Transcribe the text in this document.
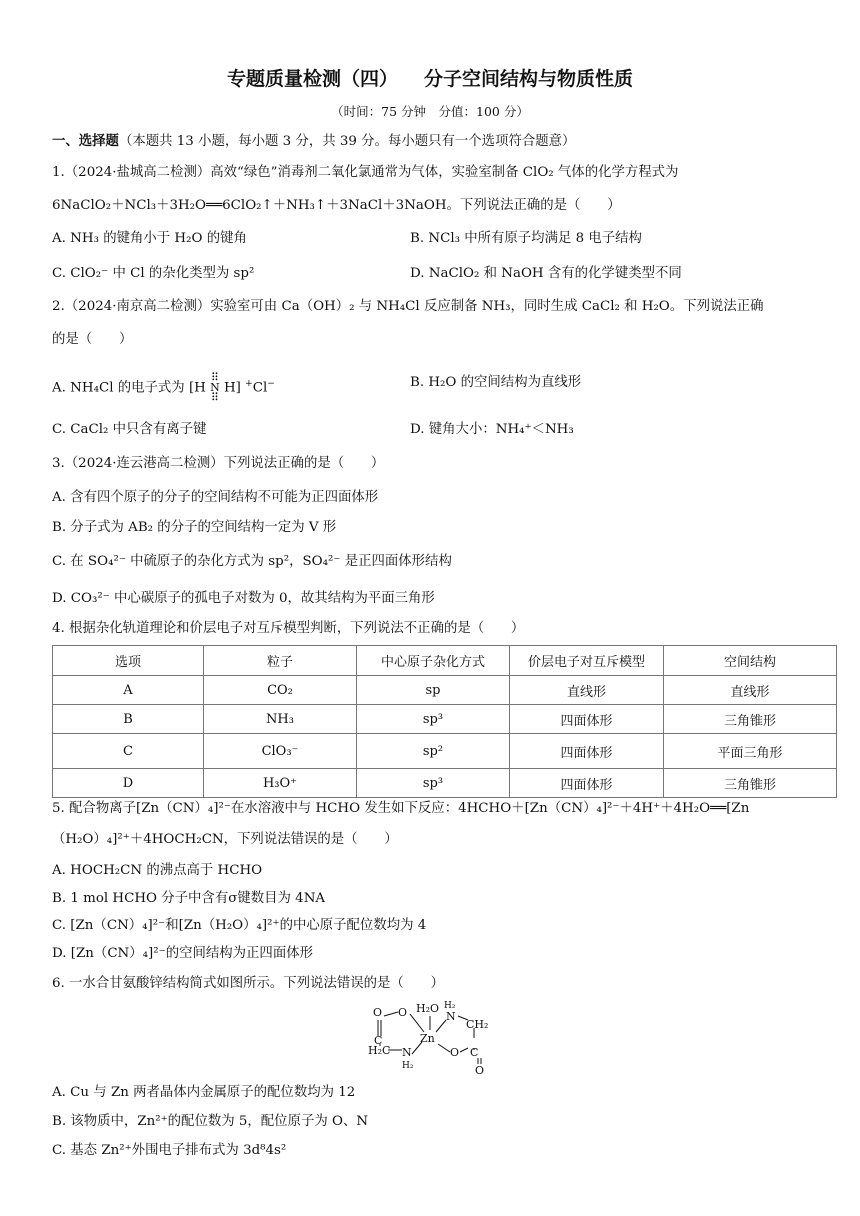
专题质量检测（四） 分子空间结构与物质性质
（时间：75 分钟　分值：100 分）
一、选择题（本题共 13 小题，每小题 3 分，共 39 分。每小题只有一个选项符合题意）
1.（2024·盐城高二检测）高效“绿色”消毒剂二氧化氯通常为气体，实验室制备 ClO₂ 气体的化学方程式为
6NaClO₂＋NCl₃＋3H₂O══6ClO₂↑＋NH₃↑＋3NaCl＋3NaOH。下列说法正确的是（　　）
A. NH₃ 的键角小于 H₂O 的键角	B. NCl₃ 中所有原子均满足 8 电子结构
C. ClO₂⁻ 中 Cl 的杂化类型为 sp²	D. NaClO₂ 和 NaOH 含有的化学键类型不同
2.（2024·南京高二检测）实验室可由 Ca（OH）₂ 与 NH₄Cl 反应制备 NH₃，同时生成 CaCl₂ 和 H₂O。下列说法正确
的是（　　）
A. NH₄Cl 的电子式为 [H ⠿
N
⠿ H] +Cl−	B. H₂O 的空间结构为直线形
C. CaCl₂ 中只含有离子键	D. 键角大小：NH₄⁺＜NH₃
3.（2024·连云港高二检测）下列说法正确的是（　　）
A. 含有四个原子的分子的空间结构不可能为正四面体形
B. 分子式为 AB₂ 的分子的空间结构一定为 V 形
C. 在 SO₄²⁻ 中硫原子的杂化方式为 sp²，SO₄²⁻ 是正四面体形结构
D. CO₃²⁻ 中心碳原子的孤电子对数为 0，故其结构为平面三角形
4. 根据杂化轨道理论和价层电子对互斥模型判断，下列说法不正确的是（　　）
选项	粒子	中心原子杂化方式	价层电子对互斥模型	空间结构
A	CO₂	sp	直线形	直线形
B	NH₃	sp³	四面体形	三角锥形
C	ClO₃⁻	sp²	四面体形	平面三角形
D	H₃O⁺	sp³	四面体形	三角锥形
5. 配合物离子[Zn（CN）₄]²⁻在水溶液中与 HCHO 发生如下反应：4HCHO＋[Zn（CN）₄]²⁻＋4H⁺＋4H₂O══[Zn
（H₂O）₄]²⁺＋4HOCH₂CN，下列说法错误的是（　　）
A. HOCH₂CN 的沸点高于 HCHO
B. 1 mol HCHO 分子中含有σ键数目为 4NA
C. [Zn（CN）₄]²⁻和[Zn（H₂O）₄]²⁺的中心原子配位数均为 4
D. [Zn（CN）₄]²⁻的空间结构为正四面体形
6. 一水合甘氨酸锌结构简式如图所示。下列说法错误的是（　　）
O
C
O H₂O H₂
N
CH₂
H₂C N
H₂
Zn
O C
O
A. Cu 与 Zn 两者晶体内金属原子的配位数均为 12
B. 该物质中，Zn²⁺的配位数为 5，配位原子为 O、N
C. 基态 Zn²⁺外围电子排布式为 3d⁸4s²
